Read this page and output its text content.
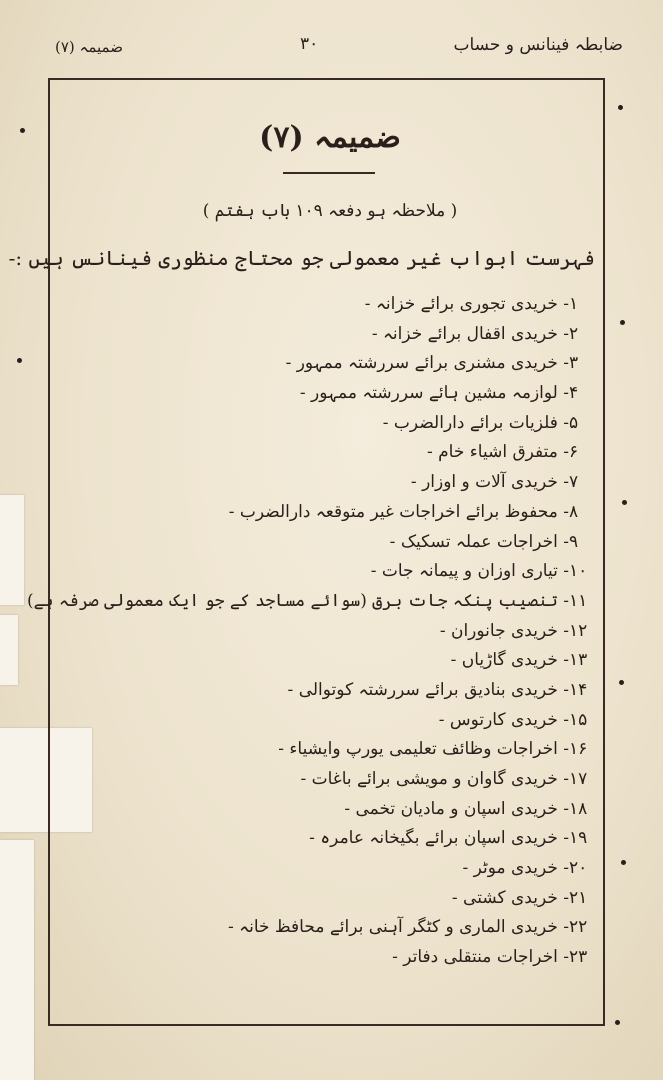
ضابطہ فینانس و حساب
۳۰
ضمیمہ (۷)
ضمیمہ (۷)
( ملاحظہ ہو دفعہ ۱۰۹ باب ہفتم )
فہرست ابواب غیر معمولی جو محتاج منظوری فینانس ہیں :-
۱- خریدی تجوری برائے خزانہ -
۲- خریدی اقفال برائے خزانہ -
۳- خریدی مشنری برائے سررشتہ ممہور -
۴- لوازمہ مشین ہائے سررشتہ ممہور -
۵- فلزیات برائے دارالضرب -
۶- متفرق اشیاء خام -
۷- خریدی آلات و اوزار -
۸- محفوظ برائے اخراجات غیر متوقعہ دارالضرب -
۹- اخراجات عملہ تسکیک -
۱۰- تیاری اوزان و پیمانہ جات -
۱۱- تنصیب پنکہ جات برق (سوائے مساجد کے جو ایک معمولی صرفہ ہے)
۱۲- خریدی جانوران -
۱۳- خریدی گاڑیاں -
۱۴- خریدی بنادیق برائے سررشتہ کوتوالی -
۱۵- خریدی کارتوس -
۱۶- اخراجات وظائف تعلیمی یورپ وایشیاء -
۱۷- خریدی گاوان و مویشی برائے باغات -
۱۸- خریدی اسپان و مادیان تخمی -
۱۹- خریدی اسپان برائے بگیخانہ عامرہ -
۲۰- خریدی موٹر -
۲۱- خریدی کشتی -
۲۲- خریدی الماری و کٹگر آہنی برائے محافظ خانہ -
۲۳- اخراجات منتقلی دفاتر -
